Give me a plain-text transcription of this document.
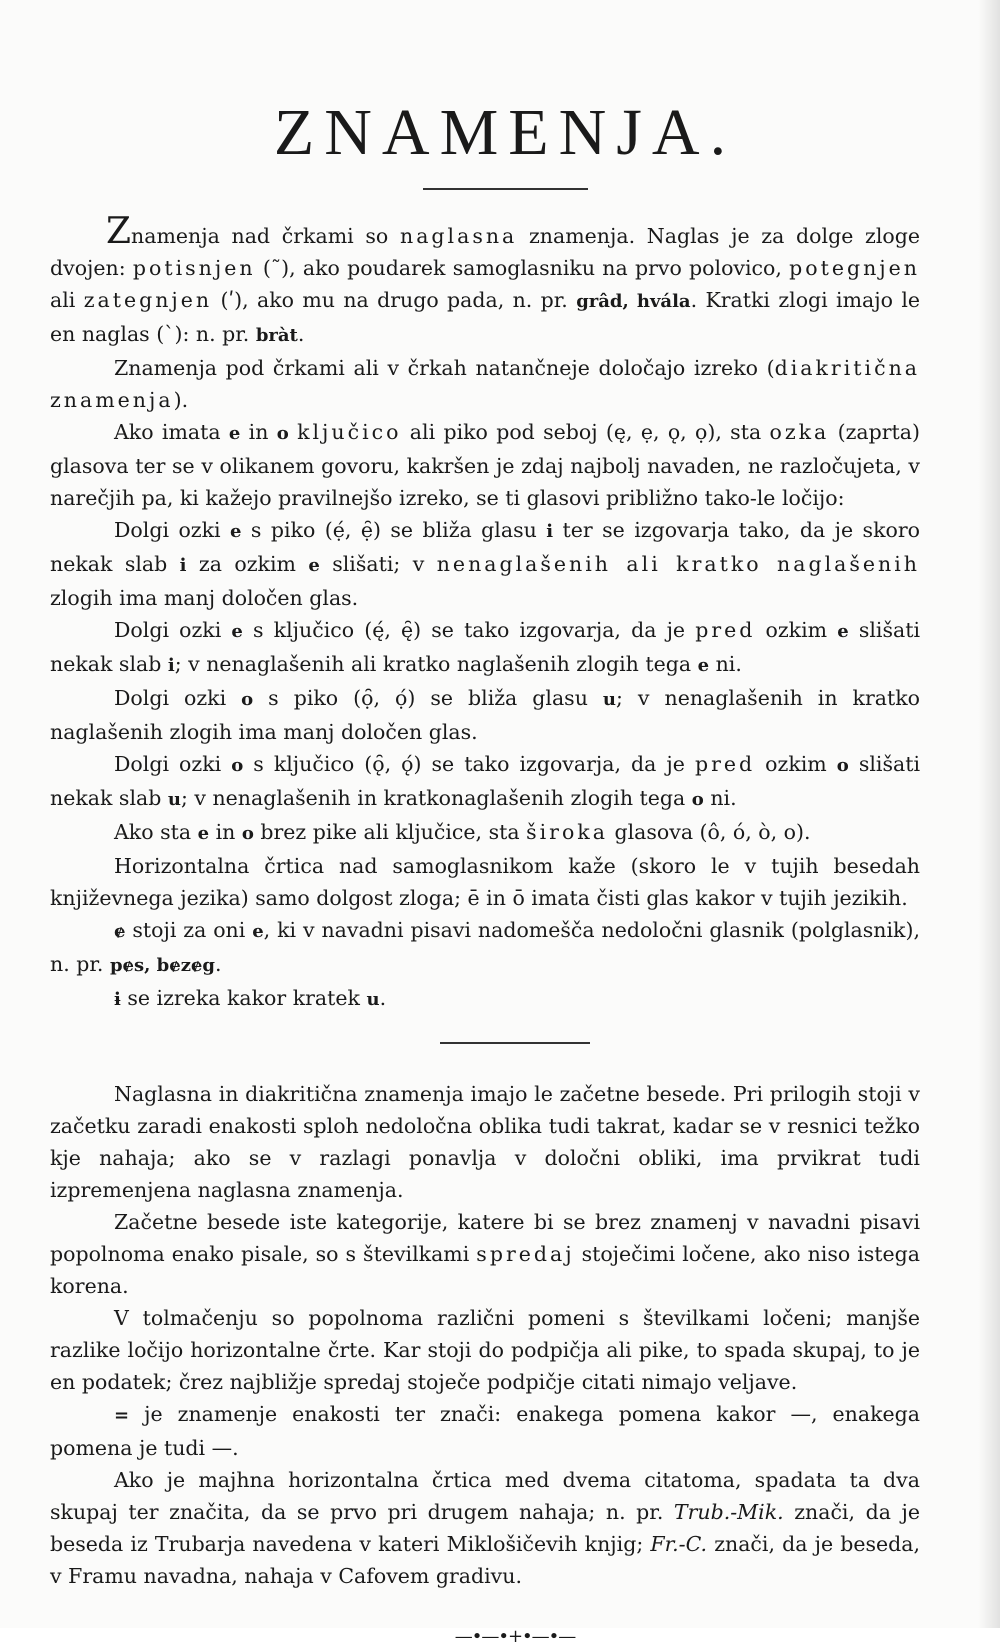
ZNAMENJA.

Znamenja nad črkami so naglasna znamenja. Naglas je za dolge zloge dvojen: potisnjen (˜), ako poudarek samoglasniku na prvo polovico, potegnjen ali zategnjen (ʹ), ako mu na drugo pada, n. pr. grâd, hvála. Kratki zlogi imajo le en naglas (ˋ): n. pr. bràt.

Znamenja pod črkami ali v črkah natančneje določajo izreko (diakritična znamenja).

Ako imata e in o ključico ali piko pod seboj (ę, ẹ, ǫ, ọ), sta ozka (zaprta) glasova ter se v olikanem govoru, kakršen je zdaj najbolj navaden, ne razločujeta, v narečjih pa, ki kažejo pravilnejšo izreko, se ti glasovi približno tako-le ločijo:

Dolgi ozki e s piko (ẹ́, ẹ̑) se bliža glasu i ter se izgovarja tako, da je skoro nekak slab i za ozkim e slišati; v nenaglašenih ali kratko naglašenih zlogih ima manj določen glas.

Dolgi ozki e s ključico (ę́, ę̑) se tako izgovarja, da je pred ozkim e slišati nekak slab i; v nenaglašenih ali kratko naglašenih zlogih tega e ni.

Dolgi ozki o s piko (ọ̑, ọ́) se bliža glasu u; v nenaglašenih in kratko naglašenih zlogih ima manj določen glas.

Dolgi ozki o s ključico (ǫ̑, ǫ́) se tako izgovarja, da je pred ozkim o slišati nekak slab u; v nenaglašenih in kratkonaglašenih zlogih tega o ni.

Ako sta e in o brez pike ali ključice, sta široka glasova (ô, ó, ò, o).

Horizontalna črtica nad samoglasnikom kaže (skoro le v tujih besedah književnega jezika) samo dolgost zloga; ē in ō imata čisti glas kakor v tujih jezikih.

ɇ stoji za oni e, ki v navadni pisavi nadomešča nedoločni glasnik (polglasnik), n. pr. pɇs, bɇzɇg.

ɨ se izreka kakor kratek u.

Naglasna in diakritična znamenja imajo le začetne besede. Pri prilogih stoji v začetku zaradi enakosti sploh nedoločna oblika tudi takrat, kadar se v resnici težko kje nahaja; ako se v razlagi ponavlja v določni obliki, ima prvikrat tudi izpremenjena naglasna znamenja.

Začetne besede iste kategorije, katere bi se brez znamenj v navadni pisavi popolnoma enako pisale, so s številkami spredaj stoječimi ločene, ako niso istega korena.

V tolmačenju so popolnoma različni pomeni s številkami ločeni; manjše razlike ločijo horizontalne črte. Kar stoji do podpičja ali pike, to spada skupaj, to je en podatek; črez najbližje spredaj stoječe podpičje citati nimajo veljave.

= je znamenje enakosti ter znači: enakega pomena kakor —, enakega pomena je tudi —.

Ako je majhna horizontalna črtica med dvema citatoma, spadata ta dva skupaj ter značita, da se prvo pri drugem nahaja; n. pr. Trub.-Mik. znači, da je beseda iz Trubarja navedena v kateri Miklošičevih knjig; Fr.-C. znači, da je beseda, v Framu navadna, nahaja v Cafovem gradivu.

—•—•+•—•—
